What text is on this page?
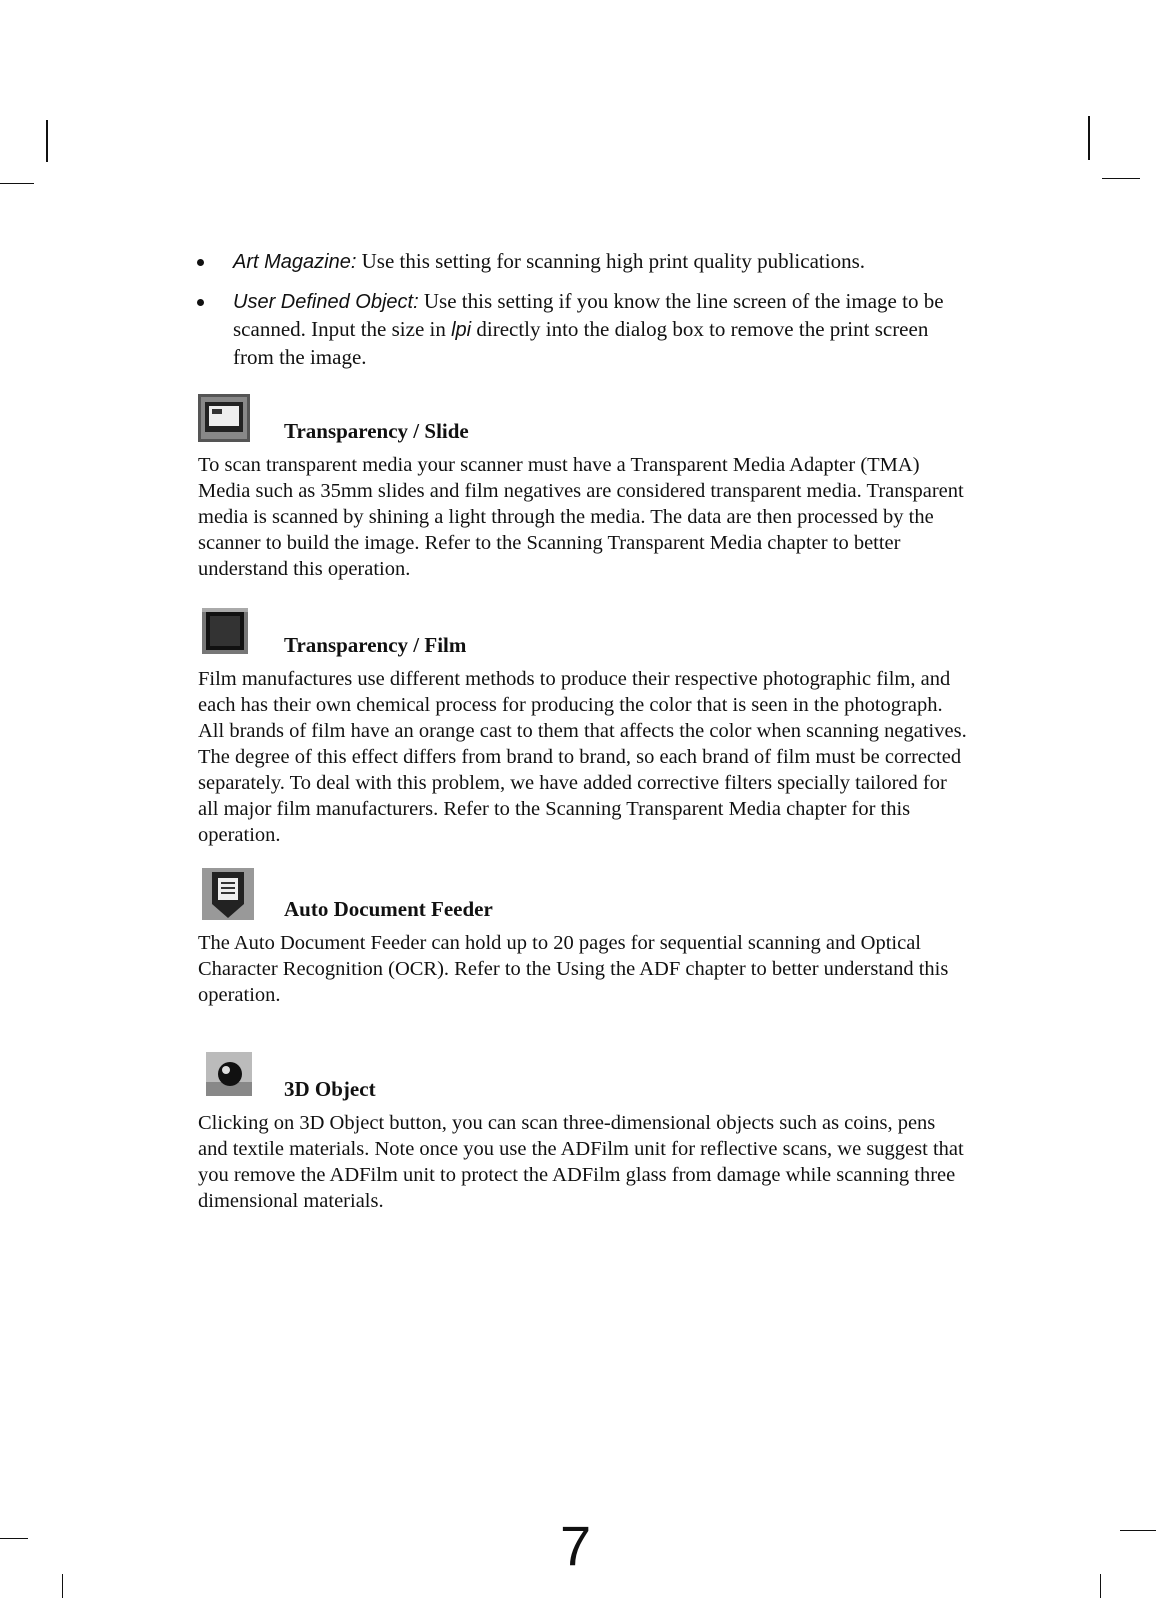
Art Magazine: Use this setting for scanning high print quality publications.
User Defined Object: Use this setting if you know the line screen of the image to be scanned. Input the size in lpi directly into the dialog box to remove the print screen from the image.
Transparency / Slide

To scan transparent media your scanner must have a Transparent Media Adapter (TMA) Media such as 35mm slides and film negatives are considered transparent media. Transparent media is scanned by shining a light through the media. The data are then processed by the scanner to build the image. Refer to the Scanning Transparent Media chapter to better understand this operation.

Transparency / Film

Film manufactures use different methods to produce their respective photographic film, and each has their own chemical process for producing the color that is seen in the photograph. All brands of film have an orange cast to them that affects the color when scanning negatives. The degree of this effect differs from brand to brand, so each brand of film must be corrected separately. To deal with this problem, we have added corrective filters specially tailored for all major film manufacturers. Refer to the Scanning Transparent Media chapter for this operation.

Auto Document Feeder

The Auto Document Feeder can hold up to 20 pages for sequential scanning and Optical Character Recognition (OCR). Refer to the Using the ADF chapter to better understand this operation.

3D Object

Clicking on 3D Object button, you can scan three-dimensional objects such as coins, pens and textile materials. Note once you use the ADFilm unit for reflective scans, we suggest that you remove the ADFilm unit to protect the ADFilm glass from damage while scanning three dimensional materials.

7
